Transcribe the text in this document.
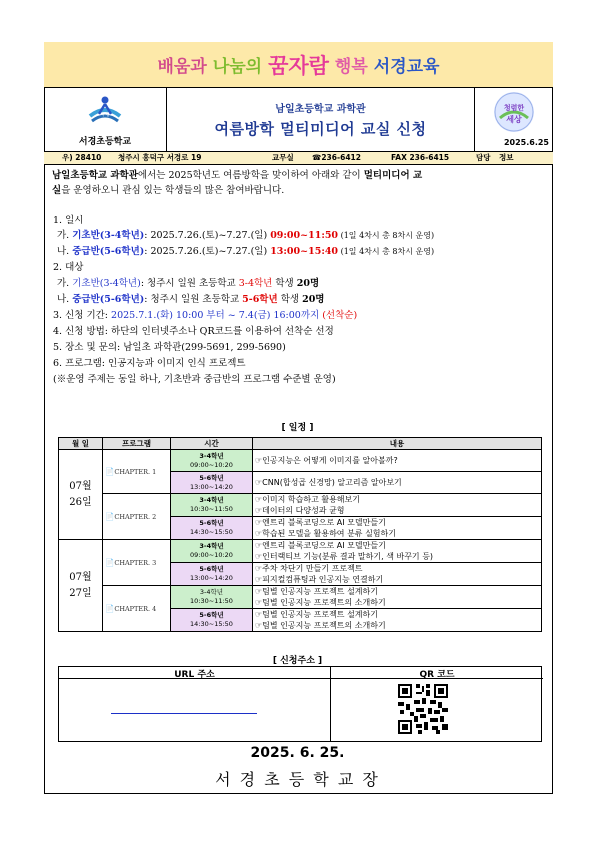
배움과 나눔의 꿈자람 행복 서경교육
서 경
서경초등학교
남일초등학교 과학관
여름방학 멀티미디어 교실 신청
청렴한
세상
2025.6.25
우) 28410 청주시 흥덕구 서경로 19	교무실 ☎236-6412	FAX 236-6415	담당 정보
남일초등학교 과학관에서는 2025학년도 여름방학을 맞이하여 아래와 같이 멀티미디어 교
실을 운영하오니 관심 있는 학생들의 많은 참여바랍니다.
1. 일시
가. 기초반(3-4학년): 2025.7.26.(토)~7.27.(일) 09:00~11:50 (1일 4차시 총 8차시 운영)
나. 중급반(5-6학년): 2025.7.26.(토)~7.27.(일) 13:00~15:40 (1일 4차시 총 8차시 운영)
2. 대상
가. 기초반(3-4학년): 청주시 일원 초등학교 3-4학년 학생 20명
나. 중급반(5-6학년): 청주시 일원 초등학교 5-6학년 학생 20명
3. 신청 기간: 2025.7.1.(화) 10:00 부터 ~ 7.4(금) 16:00까지 (선착순)
4. 신청 방법: 하단의 인터넷주소나 QR코드를 이용하여 선착순 선정
5. 장소 및 문의: 남일초 과학관(299-5691, 299-5690)
6. 프로그램: 인공지능과 이미지 인식 프로젝트
(※운영 주제는 동일 하나, 기초반과 중급반의 프로그램 수준별 운영)
[ 일정 ]
월 일	프로그램	시간	내용
07월
26일	📄CHAPTER. 1	3-4학년
09:00~10:20	☞인공지능은 어떻게 이미지를 알아볼까?
		5-6학년
13:00~14:20	☞CNN(합성곱 신경망) 알고리즘 알아보기
	📄CHAPTER. 2	3-4학년
10:30~11:50	☞이미지 학습하고 활용해보기
☞데이터의 다양성과 균형
		5-6학년
14:30~15:50	☞엔트리 블록코딩으로 AI 모델만들기
☞학습된 모델을 활용하여 분류 실험하기
07월
27일	📄CHAPTER. 3	3-4학년
09:00~10:20	☞엔트리 블록코딩으로 AI 모델만들기
☞인터랙티브 기능(분류 결과 말하기, 색 바꾸기 등)
		5-6학년
13:00~14:20	☞주차 차단기 만들기 프로젝트
☞피지컬컴퓨팅과 인공지능 연결하기
	📄CHAPTER. 4	3-4학년
10:30~11:50	☞팀별 인공지능 프로젝트 설계하기
☞팀별 인공지능 프로젝트의 소개하기
		5-6학년
14:30~15:50	☞팀별 인공지능 프로젝트 설계하기
☞팀별 인공지능 프로젝트의 소개하기
[ 신청주소 ]
URL 주소	QR 코드
2025. 6. 25.
서 경 초 등 학 교 장
